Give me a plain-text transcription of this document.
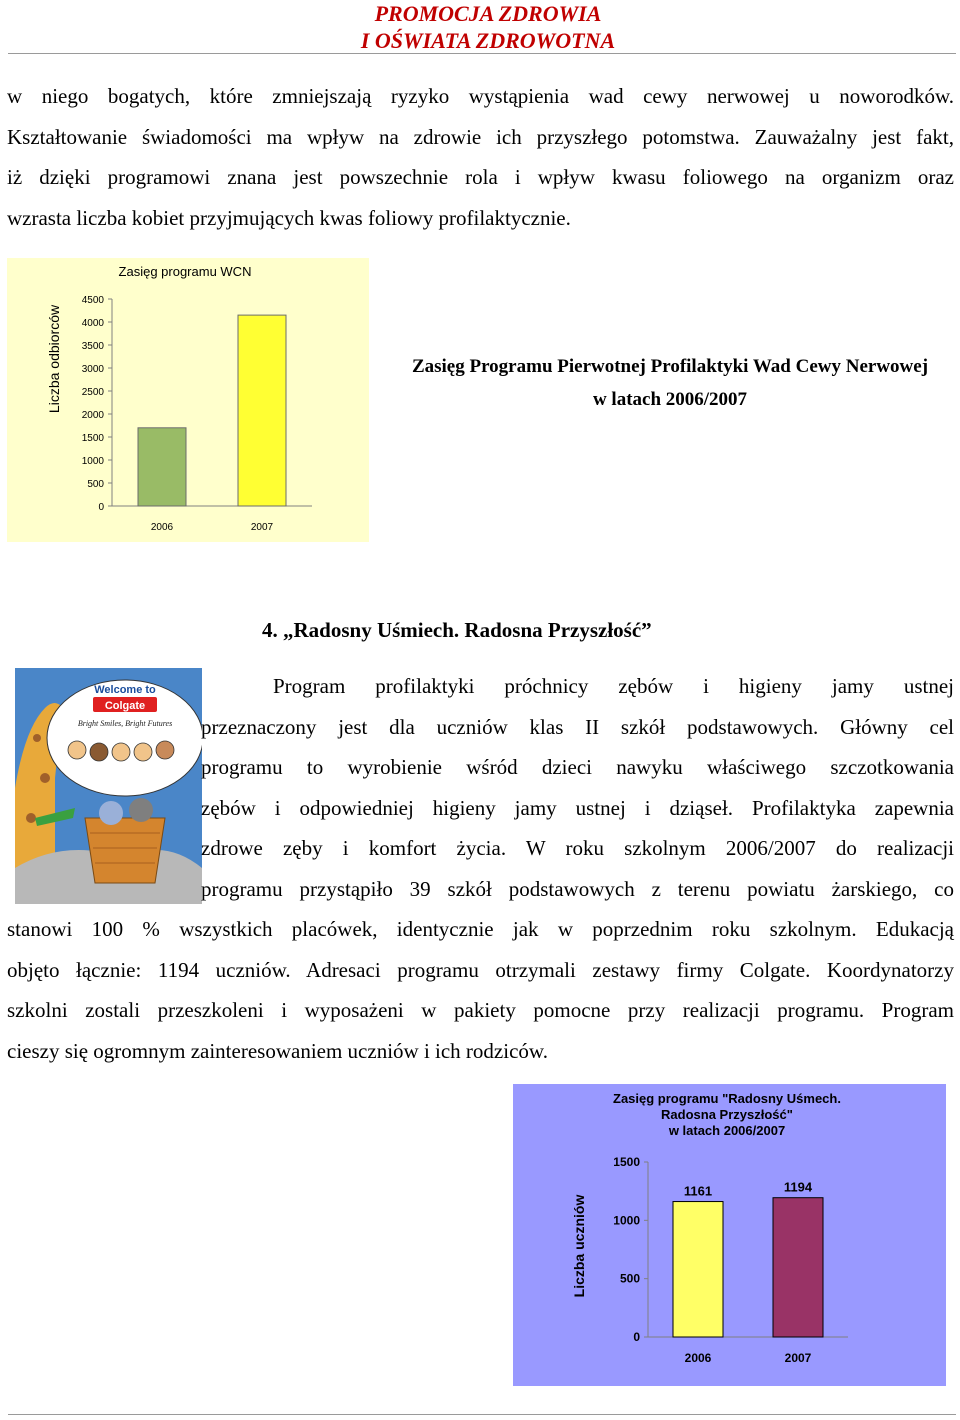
PROMOCJA ZDROWIA
I OŚWIATA ZDROWOTNA
w niego bogatych, które zmniejszają ryzyko wystąpienia wad cewy nerwowej u noworodków.
Kształtowanie świadomości ma wpływ na zdrowie ich przyszłego potomstwa. Zauważalny jest fakt,
iż dzięki programowi znana jest powszechnie rola i wpływ kwasu foliowego na organizm oraz
wzrasta liczba kobiet przyjmujących kwas foliowy profilaktycznie.
Zasięg programu WCN
Liczba odbiorców
0
500
1000
1500
2000
2500
3000
3500
4000
4500
2006	2007
Zasięg Programu Pierwotnej Profilaktyki Wad Cewy Nerwowej
w latach 2006/2007
4. „Radosny Uśmiech. Radosna Przyszłość”
Welcome to
Colgate
Bright Smiles, Bright Futures
Program profilaktyki próchnicy zębów i higieny jamy ustnej
przeznaczony jest dla uczniów klas II szkół podstawowych. Główny cel
programu to wyrobienie wśród dzieci nawyku właściwego szczotkowania
zębów i odpowiedniej higieny jamy ustnej i dziąseł. Profilaktyka zapewnia
zdrowe zęby i komfort życia. W roku szkolnym 2006/2007 do realizacji
programu przystąpiło 39 szkół podstawowych z terenu powiatu żarskiego, co
stanowi 100 % wszystkich placówek, identycznie jak w poprzednim roku szkolnym. Edukacją
objęto łącznie: 1194 uczniów. Adresaci programu otrzymali zestawy firmy Colgate. Koordynatorzy
szkolni zostali przeszkoleni i wyposażeni w pakiety pomocne przy realizacji programu. Program
cieszy się ogromnym zainteresowaniem uczniów i ich rodziców.
Zasięg programu "Radosny Uśmech.
Radosna Przyszłość"
w latach 2006/2007
Liczba uczniów
0
500
1000
1500
2006	2007
1161	1194
